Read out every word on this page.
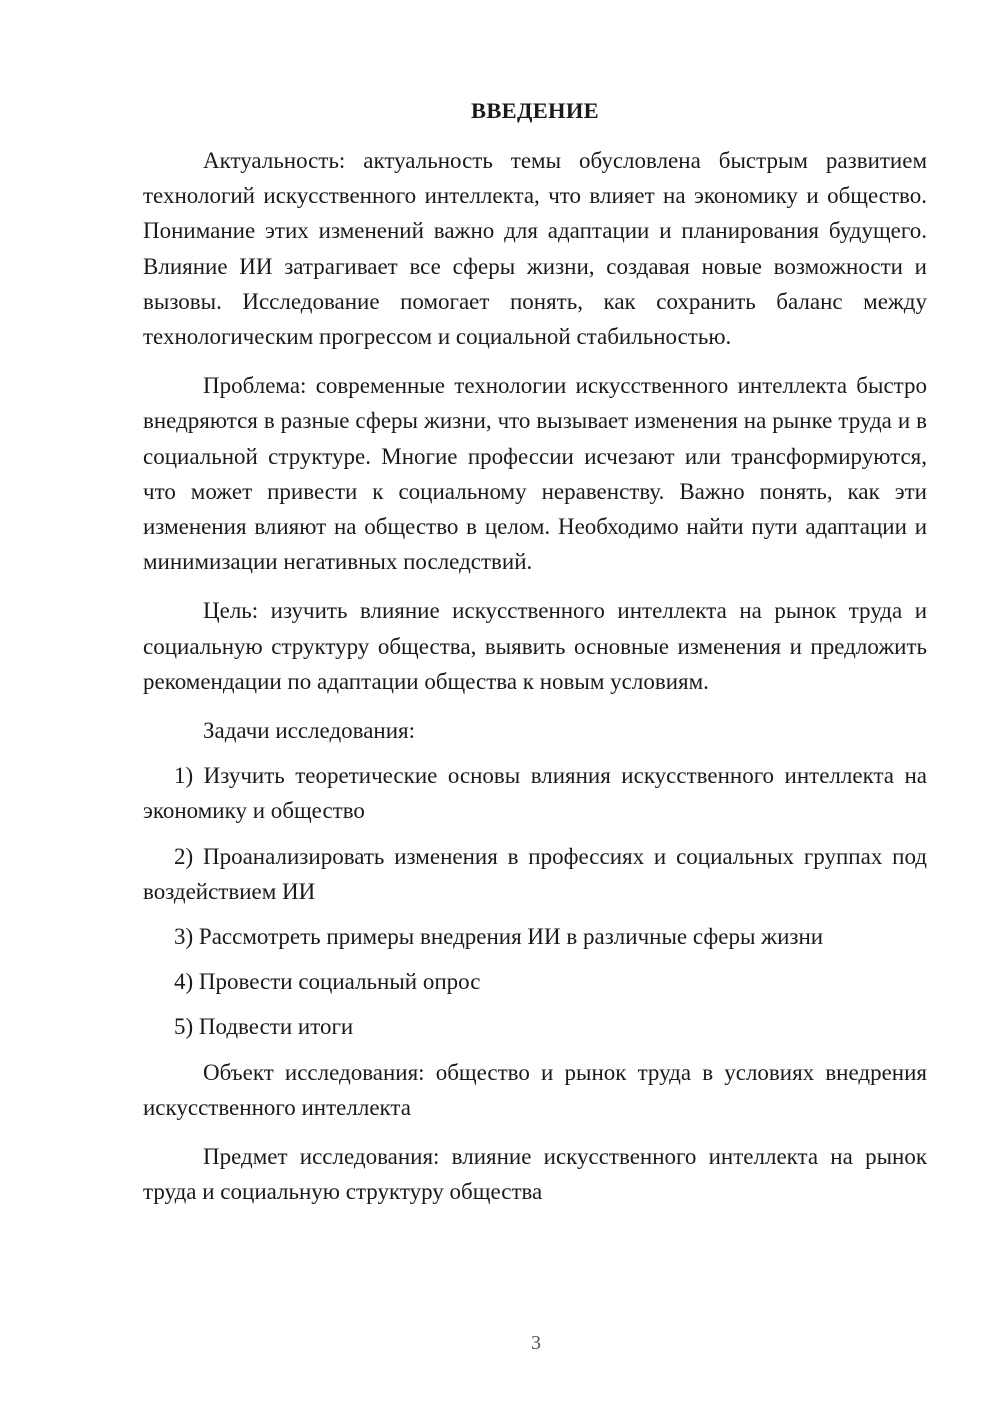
ВВЕДЕНИЕ

Актуальность: актуальность темы обусловлена быстрым развитием технологий искусственного интеллекта, что влияет на экономику и общество. Понимание этих изменений важно для адаптации и планирования будущего. Влияние ИИ затрагивает все сферы жизни, создавая новые возможности и вызовы. Исследование помогает понять, как сохранить баланс между технологическим прогрессом и социальной стабильностью.

Проблема: современные технологии искусственного интеллекта быстро внедряются в разные сферы жизни, что вызывает изменения на рынке труда и в социальной структуре. Многие профессии исчезают или трансформируются, что может привести к социальному неравенству. Важно понять, как эти изменения влияют на общество в целом. Необходимо найти пути адаптации и минимизации негативных последствий.

Цель: изучить влияние искусственного интеллекта на рынок труда и социальную структуру общества, выявить основные изменения и предложить рекомендации по адаптации общества к новым условиям.

Задачи исследования:

1) Изучить теоретические основы влияния искусственного интеллекта на экономику и общество

2) Проанализировать изменения в профессиях и социальных группах под воздействием ИИ

3) Рассмотреть примеры внедрения ИИ в различные сферы жизни

4) Провести социальный опрос

5) Подвести итоги

Объект исследования: общество и рынок труда в условиях внедрения искусственного интеллекта

Предмет исследования: влияние искусственного интеллекта на рынок труда и социальную структуру общества

3
